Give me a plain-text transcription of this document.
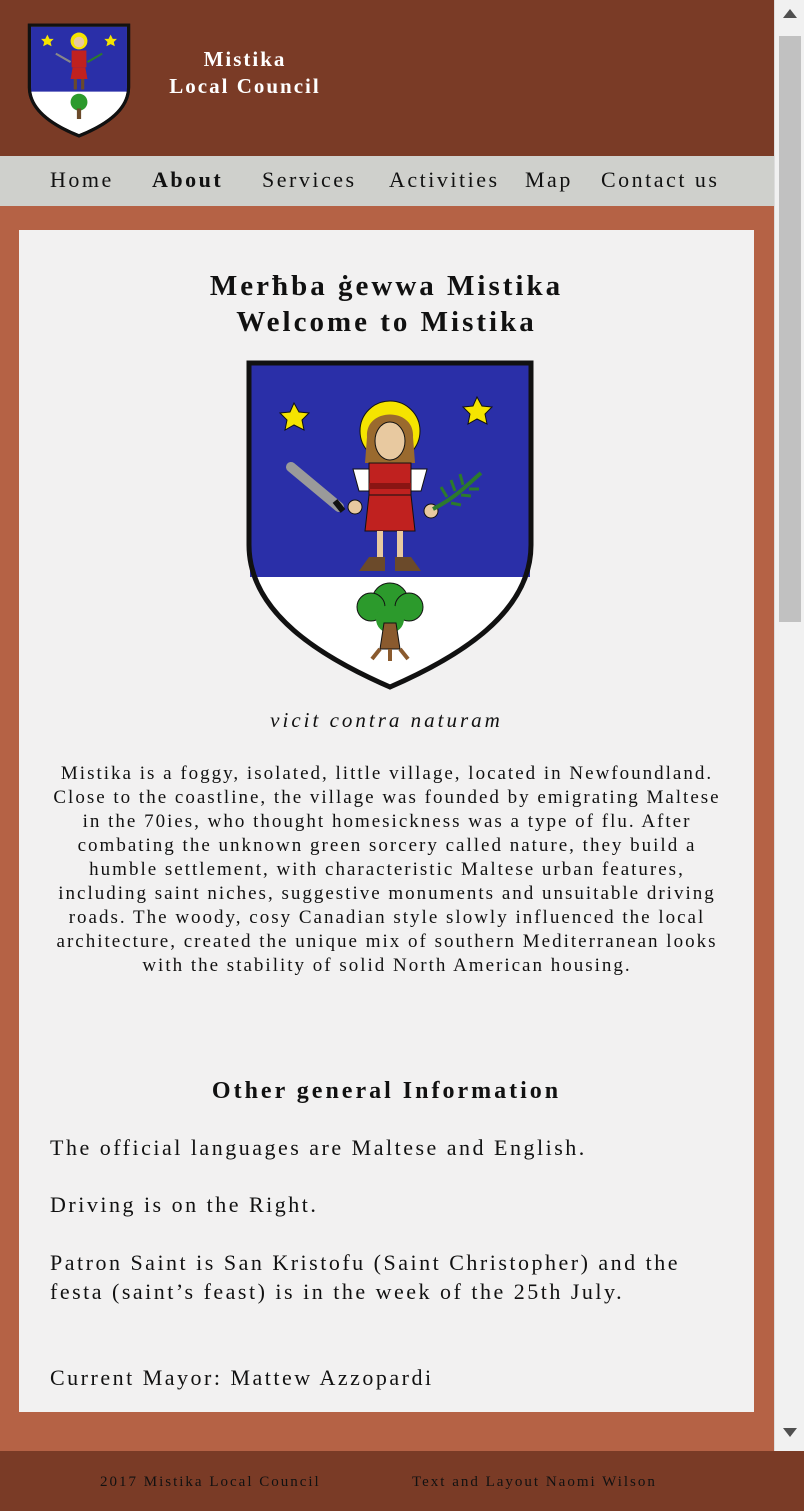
Mistika
Local Council
Home About Services Activities Map Contact us
Merħba ġewwa Mistika
Welcome to Mistika
vicit contra naturam
Mistika is a foggy, isolated, little village, located in Newfoundland. Close to the coastline, the village was founded by emigrating Maltese in the 70ies, who thought homesickness was a type of flu. After combating the unknown green sorcery called nature, they build a humble settlement, with characteristic Maltese urban features, including saint niches, suggestive monuments and unsuitable driving roads. The woody, cosy Canadian style slowly influenced the local architecture, created the unique mix of southern Mediterranean looks with the stability of solid North American housing.
Other general Information
The official languages are Maltese and English.
Driving is on the Right.
Patron Saint is San Kristofu (Saint Christopher) and the festa (saint’s feast) is in the week of the 25th July.
Current Mayor: Mattew Azzopardi
2017 Mistika Local Council	Text and Layout Naomi Wilson
